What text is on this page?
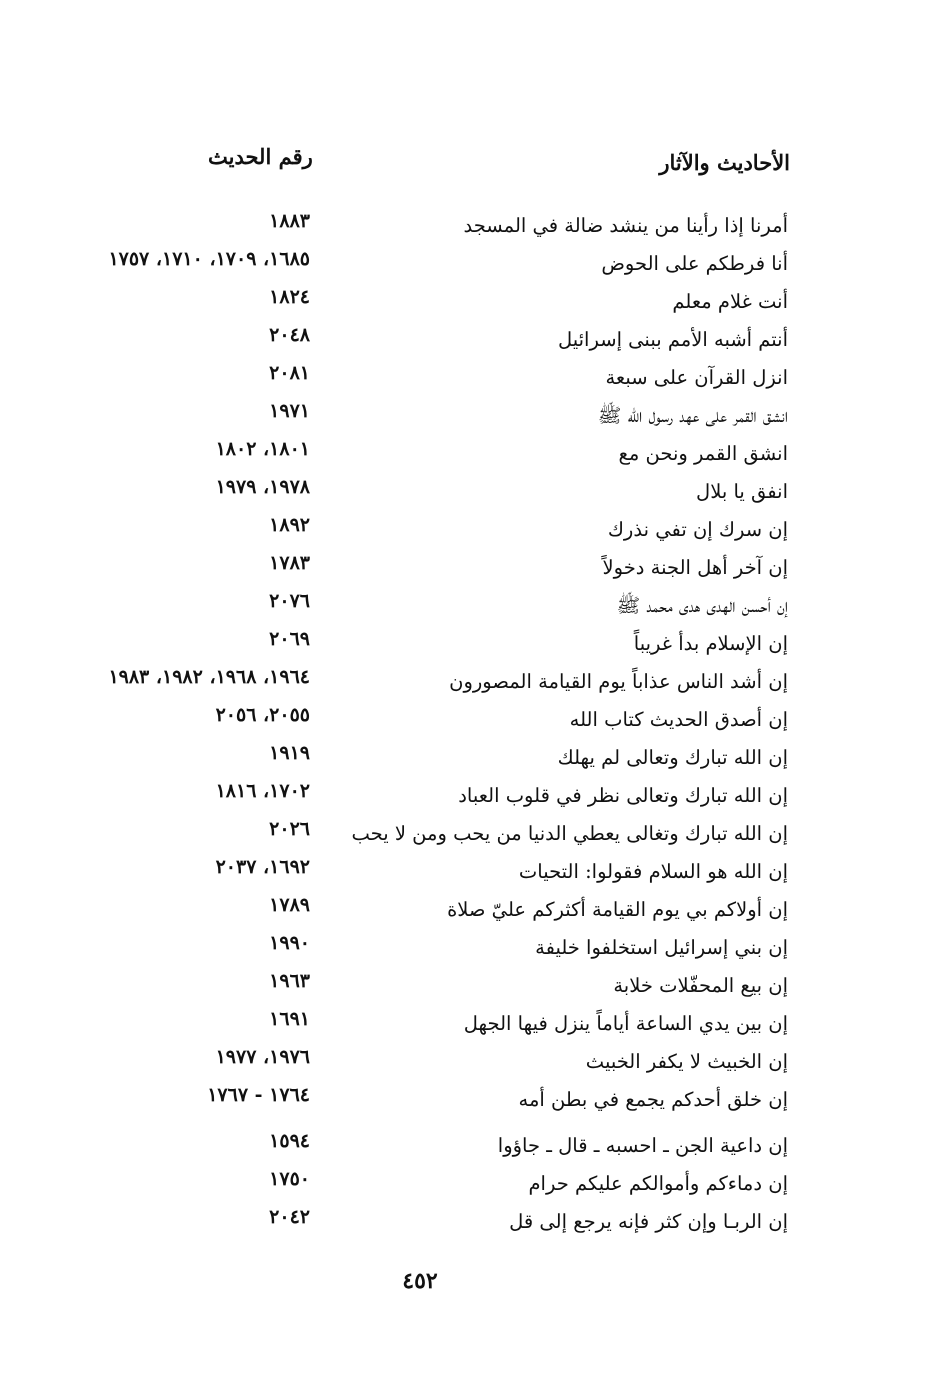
الأحاديث والآثار
رقم الحديث
أمرنا إذا رأينا من ينشد ضالة في المسجد
١٨٨٣
أنا فرطكم على الحوض
١٦٨٥، ١٧٠٩، ١٧١٠، ١٧٥٧
أنت غلام معلم
١٨٢٤
أنتم أشبه الأمم ببنى إسرائيل
٢٠٤٨
انزل القرآن على سبعة
٢٠٨١
انشق القمر على عهد رسول الله ﷺ
١٩٧١
انشق القمر ونحن مع
١٨٠١، ١٨٠٢
انفق يا بلال
١٩٧٨، ١٩٧٩
إن سرك إن تفي نذرك
١٨٩٢
إن آخر أهل الجنة دخولاً
١٧٨٣
إن أحسن الهدى هدى محمد ﷺ
٢٠٧٦
إن الإسلام بدأ غريباً
٢٠٦٩
إن أشد الناس عذاباً يوم القيامة المصورون
١٩٦٤، ١٩٦٨، ١٩٨٢، ١٩٨٣
إن أصدق الحديث كتاب الله
٢٠٥٥، ٢٠٥٦
إن الله تبارك وتعالى لم يهلك
١٩١٩
إن الله تبارك وتعالى نظر في قلوب العباد
١٧٠٢، ١٨١٦
إن الله تبارك وتغالى يعطي الدنيا من يحب ومن لا يحب
٢٠٢٦
إن الله هو السلام فقولوا: التحيات
١٦٩٢، ٢٠٣٧
إن أولاكم بي يوم القيامة أكثركم عليّ صلاة
١٧٨٩
إن بني إسرائيل استخلفوا خليفة
١٩٩٠
إن بيع المحفّلات خلابة
١٩٦٣
إن بين يدي الساعة أياماً ينزل فيها الجهل
١٦٩١
إن الخبيث لا يكفر الخبيث
١٩٧٦، ١٩٧٧
إن خلق أحدكم يجمع في بطن أمه
١٧٦٤ - ١٧٦٧
إن داعية الجن ـ احسبه ـ قال ـ جاؤوا
١٥٩٤
إن دماءكم وأموالكم عليكم حرام
١٧٥٠
إن الربـا وإن كثر فإنه يرجع إلى قل
٢٠٤٢
٤٥٢
